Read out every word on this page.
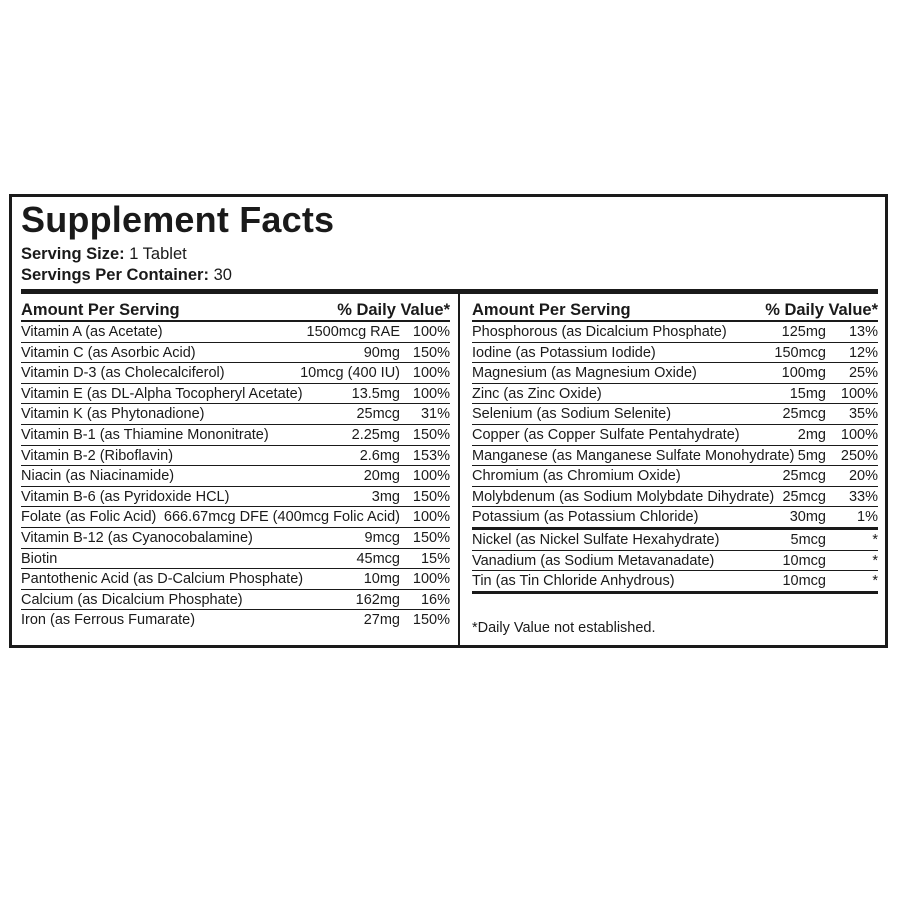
Supplement Facts
Serving Size: 1 Tablet
Servings Per Container: 30
Amount Per Serving	% Daily Value*
Vitamin A (as Acetate)	1500mcg RAE 100%
Vitamin C (as Asorbic Acid)	90mg 150%
Vitamin D-3 (as Cholecalciferol)	10mcg (400 IU) 100%
Vitamin E (as DL-Alpha Tocopheryl Acetate)	13.5mg 100%
Vitamin K (as Phytonadione)	25mcg 31%
Vitamin B-1 (as Thiamine Mononitrate)	2.25mg 150%
Vitamin B-2 (Riboflavin)	2.6mg 153%
Niacin (as Niacinamide)	20mg 100%
Vitamin B-6 (as Pyridoxide HCL)	3mg 150%
Folate (as Folic Acid) 666.67mcg DFE (400mcg Folic Acid) 100%
Vitamin B-12 (as Cyanocobalamine)	9mcg 150%
Biotin	45mcg 15%
Pantothenic Acid (as D-Calcium Phosphate)	10mg 100%
Calcium (as Dicalcium Phosphate)	162mg 16%
Iron (as Ferrous Fumarate)	27mg 150%
Amount Per Serving	% Daily Value*
Phosphorous (as Dicalcium Phosphate)	125mg 13%
Iodine (as Potassium Iodide)	150mcg 12%
Magnesium (as Magnesium Oxide)	100mg 25%
Zinc (as Zinc Oxide)	15mg 100%
Selenium (as Sodium Selenite)	25mcg 35%
Copper (as Copper Sulfate Pentahydrate)	2mg 100%
Manganese (as Manganese Sulfate Monohydrate) 5mg 250%
Chromium (as Chromium Oxide)	25mcg 20%
Molybdenum (as Sodium Molybdate Dihydrate) 25mcg 33%
Potassium (as Potassium Chloride)	30mg 1%
Nickel (as Nickel Sulfate Hexahydrate)	5mcg	*
Vanadium (as Sodium Metavanadate)	10mcg	*
Tin (as Tin Chloride Anhydrous)	10mcg	*
*Daily Value not established.
